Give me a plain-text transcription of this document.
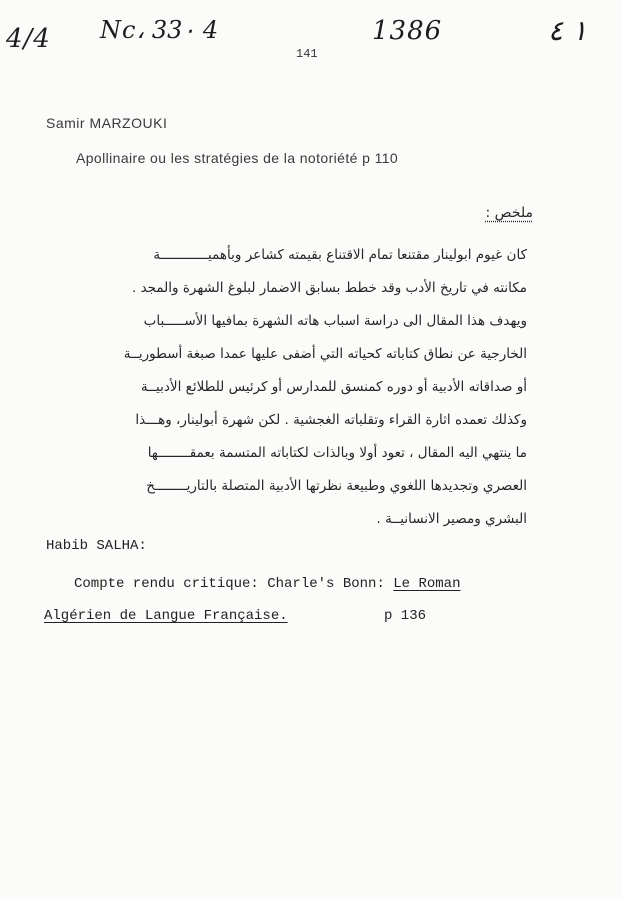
4/4 Nc، 33٠ 4	1386	١ ٤
141
Samir MARZOUKI
Apollinaire ou les stratégies de la notoriété p 110
ملخص :
كان غيوم ابولينار مقتنعا تمام الاقتناع بقيمته كشاعر وبأهميــــــــــــة
مكانته في تاريخ الأدب وقد خطط بسابق الاضمار لبلوغ الشهرة والمجد .
ويهدف هذا المقال الى دراسة اسباب هاته الشهرة بمافيها الأســـــباب
الخارجية عن نطاق كتاباته كحياته التي أضفى عليها عمدا صبغة أسطوريــة
أو صداقاته الأدبية أو دوره كمنسق للمدارس أو كرئيس للطلائع الأدبيــة
وكذلك تعمده اثارة القراء وتقلباته الغجشية . لكن شهرة أبولينار، وهـــذا
ما ينتهي اليه المقال ، تعود أولا وبالذات لكتاباته المتسمة بعمقــــــــها
العصري وتجديدها اللغوي وطبيعة نظرتها الأدبية المتصلة بالتاريــــــــخ
البشري ومصير الانسانيــة .
Habib SALHA:
Compte rendu critique: Charle's Bonn: Le Roman
Algérien de Langue Française.	p 136
